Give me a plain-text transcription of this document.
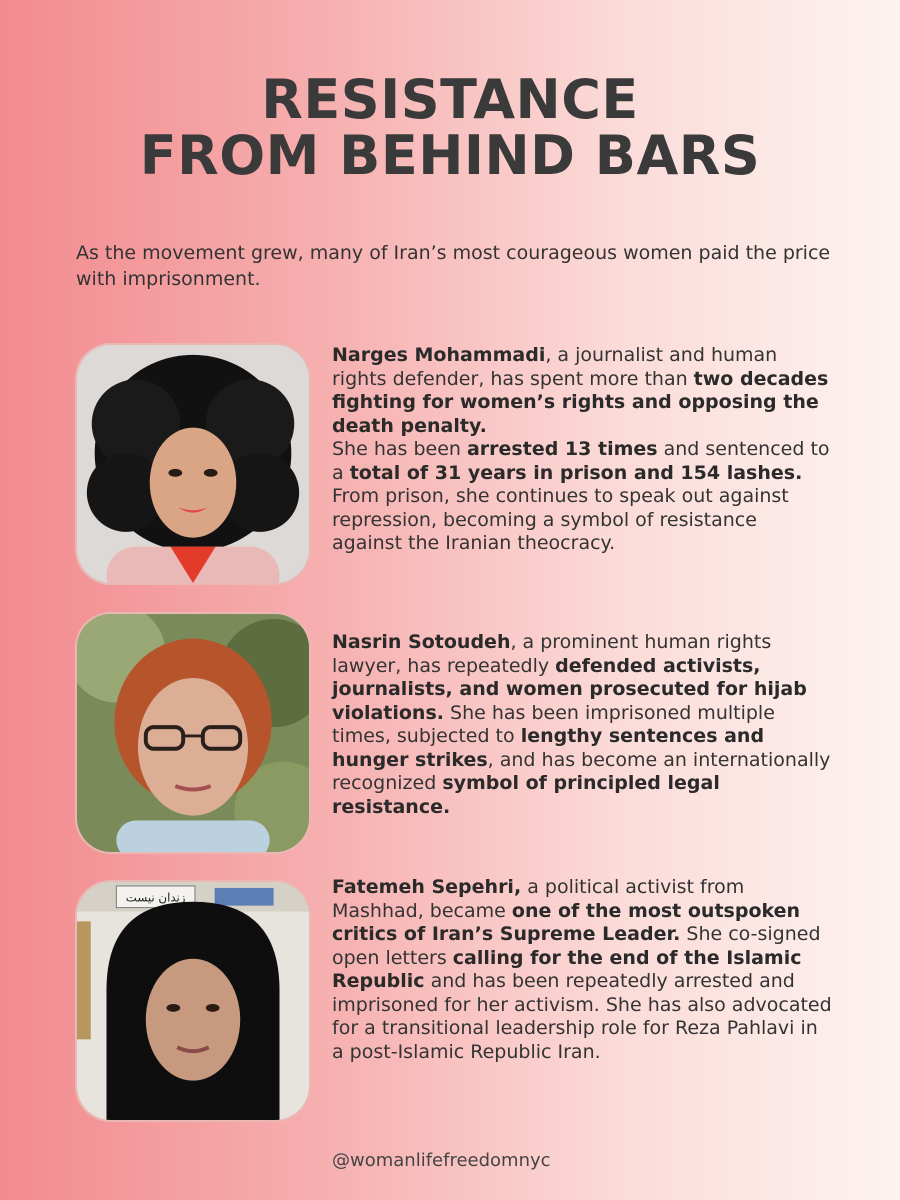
RESISTANCE
FROM BEHIND BARS
As the movement grew, many of Iran’s most courageous women paid the price with imprisonment.
Narges Mohammadi, a journalist and human rights defender, has spent more than two decades fighting for women’s rights and opposing the death penalty.
She has been arrested 13 times and sentenced to a total of 31 years in prison and 154 lashes.
From prison, she continues to speak out against repression, becoming a symbol of resistance against the Iranian theocracy.
Nasrin Sotoudeh, a prominent human rights lawyer, has repeatedly defended activists, journalists, and women prosecuted for hijab violations. She has been imprisoned multiple times, subjected to lengthy sentences and hunger strikes, and has become an internationally recognized symbol of principled legal resistance.
زندان نیست	Fatemeh Sepehri, a political activist from Mashhad, became one of the most outspoken critics of Iran’s Supreme Leader. She co-signed open letters calling for the end of the Islamic Republic and has been repeatedly arrested and imprisoned for her activism. She has also advocated for a transitional leadership role for Reza Pahlavi in a post-Islamic Republic Iran.
@womanlifefreedomnyc
